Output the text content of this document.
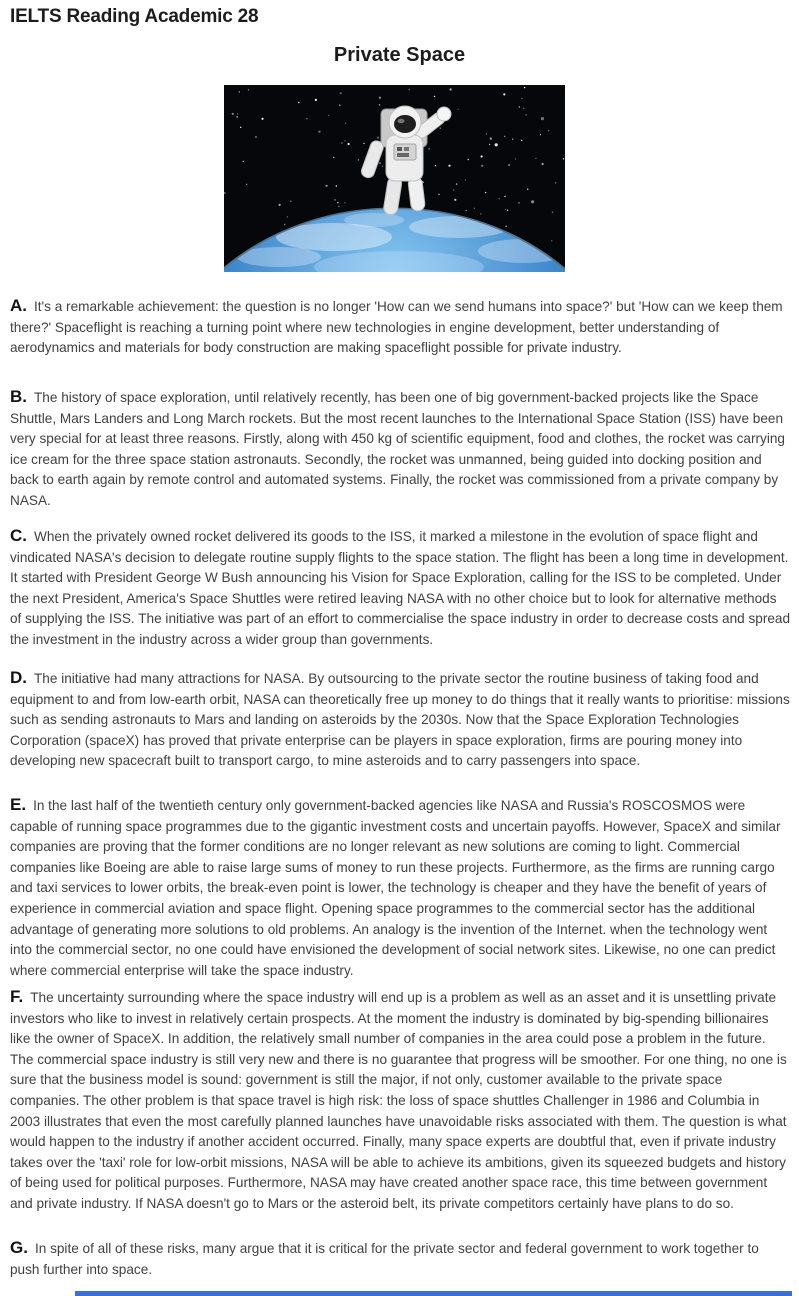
IELTS Reading Academic 28
Private Space
A. It's a remarkable achievement: the question is no longer 'How can we send humans into space?' but 'How can we keep them there?' Spaceflight is reaching a turning point where new technologies in engine development, better understanding of aerodynamics and materials for body construction are making spaceflight possible for private industry.
B. The history of space exploration, until relatively recently, has been one of big government-backed projects like the Space Shuttle, Mars Landers and Long March rockets. But the most recent launches to the International Space Station (ISS) have been very special for at least three reasons. Firstly, along with 450 kg of scientific equipment, food and clothes, the rocket was carrying ice cream for the three space station astronauts. Secondly, the rocket was unmanned, being guided into docking position and back to earth again by remote control and automated systems. Finally, the rocket was commissioned from a private company by NASA.
C. When the privately owned rocket delivered its goods to the ISS, it marked a milestone in the evolution of space flight and vindicated NASA's decision to delegate routine supply flights to the space station. The flight has been a long time in development. It started with President George W Bush announcing his Vision for Space Exploration, calling for the ISS to be completed. Under the next President, America's Space Shuttles were retired leaving NASA with no other choice but to look for alternative methods of supplying the ISS. The initiative was part of an effort to commercialise the space industry in order to decrease costs and spread the investment in the industry across a wider group than governments.
D. The initiative had many attractions for NASA. By outsourcing to the private sector the routine business of taking food and equipment to and from low-earth orbit, NASA can theoretically free up money to do things that it really wants to prioritise: missions such as sending astronauts to Mars and landing on asteroids by the 2030s. Now that the Space Exploration Technologies Corporation (spaceX) has proved that private enterprise can be players in space exploration, firms are pouring money into developing new spacecraft built to transport cargo, to mine asteroids and to carry passengers into space.
E. In the last half of the twentieth century only government-backed agencies like NASA and Russia's ROSCOSMOS were capable of running space programmes due to the gigantic investment costs and uncertain payoffs. However, SpaceX and similar companies are proving that the former conditions are no longer relevant as new solutions are coming to light. Commercial companies like Boeing are able to raise large sums of money to run these projects. Furthermore, as the firms are running cargo and taxi services to lower orbits, the break-even point is lower, the technology is cheaper and they have the benefit of years of experience in commercial aviation and space flight. Opening space programmes to the commercial sector has the additional advantage of generating more solutions to old problems. An analogy is the invention of the Internet. when the technology went into the commercial sector, no one could have envisioned the development of social network sites. Likewise, no one can predict where commercial enterprise will take the space industry.
F. The uncertainty surrounding where the space industry will end up is a problem as well as an asset and it is unsettling private investors who like to invest in relatively certain prospects. At the moment the industry is dominated by big-spending billionaires like the owner of SpaceX. In addition, the relatively small number of companies in the area could pose a problem in the future. The commercial space industry is still very new and there is no guarantee that progress will be smoother. For one thing, no one is sure that the business model is sound: government is still the major, if not only, customer available to the private space companies. The other problem is that space travel is high risk: the loss of space shuttles Challenger in 1986 and Columbia in 2003 illustrates that even the most carefully planned launches have unavoidable risks associated with them. The question is what would happen to the industry if another accident occurred. Finally, many space experts are doubtful that, even if private industry takes over the 'taxi' role for low-orbit missions, NASA will be able to achieve its ambitions, given its squeezed budgets and history of being used for political purposes. Furthermore, NASA may have created another space race, this time between government and private industry. If NASA doesn't go to Mars or the asteroid belt, its private competitors certainly have plans to do so.
G. In spite of all of these risks, many argue that it is critical for the private sector and federal government to work together to push further into space.
